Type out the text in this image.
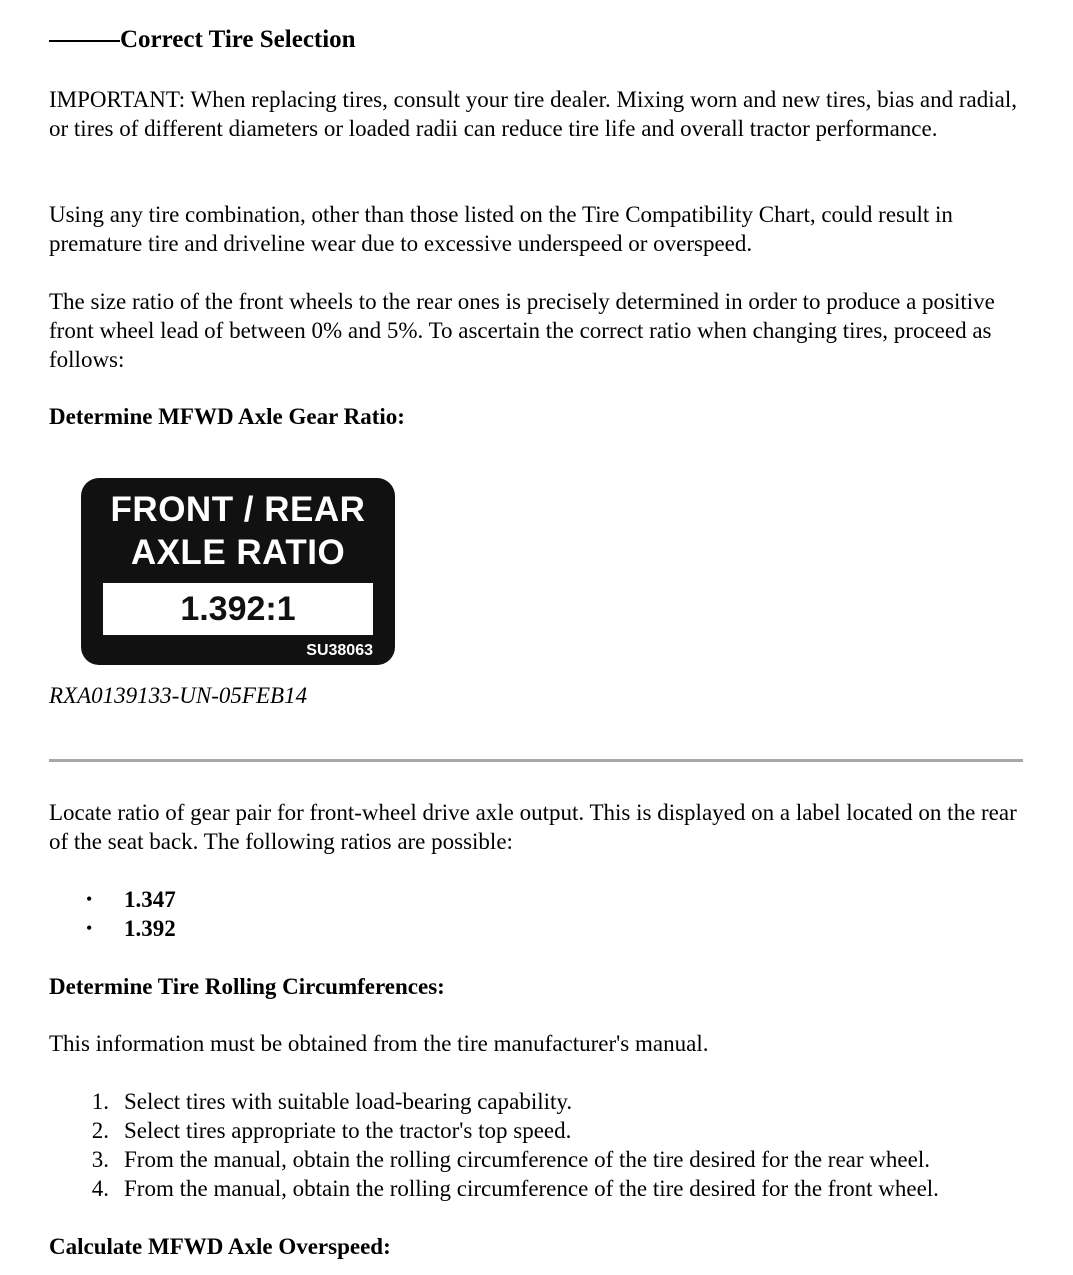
Correct Tire Selection

IMPORTANT: When replacing tires, consult your tire dealer. Mixing worn and new tires, bias and radial, or tires of different diameters or loaded radii can reduce tire life and overall tractor performance.

Using any tire combination, other than those listed on the Tire Compatibility Chart, could result in premature tire and driveline wear due to excessive underspeed or overspeed.

The size ratio of the front wheels to the rear ones is precisely determined in order to produce a positive front wheel lead of between 0% and 5%. To ascertain the correct ratio when changing tires, proceed as follows:

Determine MFWD Axle Gear Ratio:

FRONT / REAR
AXLE RATIO
1.392:1
SU38063

RXA0139133-UN-05FEB14

Locate ratio of gear pair for front-wheel drive axle output. This is displayed on a label located on the rear of the seat back. The following ratios are possible:

• 1.347
• 1.392

Determine Tire Rolling Circumferences:

This information must be obtained from the tire manufacturer's manual.

1. Select tires with suitable load-bearing capability.
2. Select tires appropriate to the tractor's top speed.
3. From the manual, obtain the rolling circumference of the tire desired for the rear wheel.
4. From the manual, obtain the rolling circumference of the tire desired for the front wheel.

Calculate MFWD Axle Overspeed:
